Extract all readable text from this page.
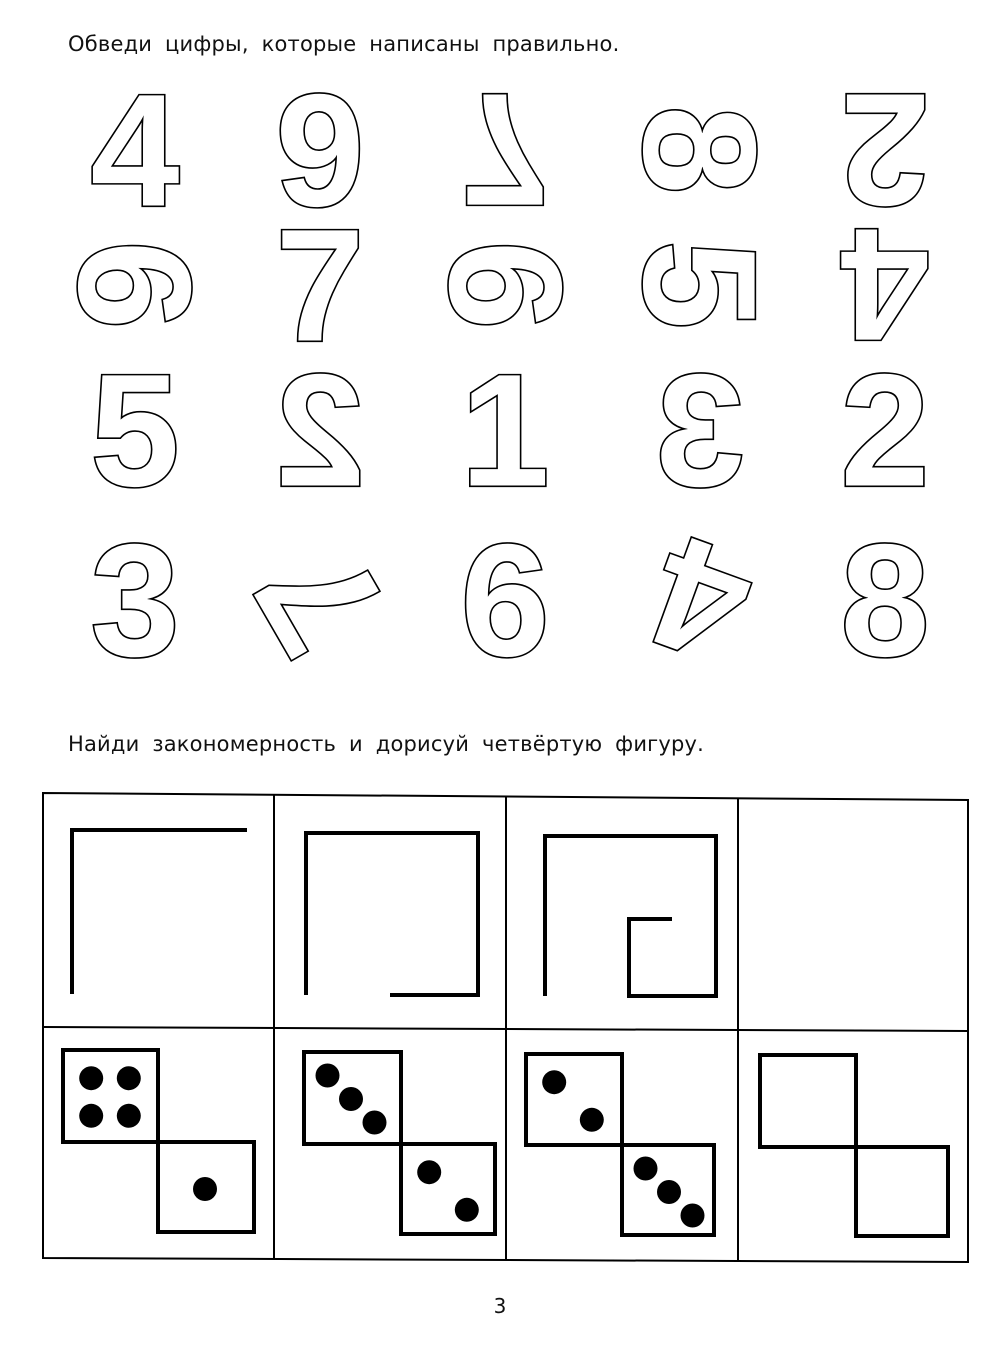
Обведи цифры, которые написаны правильно.
4 9 7 8 2
6 7 9 5 4
5 2 1 3 2
3 7 6 4 8
Найди закономерность и дорисуй четвёртую фигуру.
3
